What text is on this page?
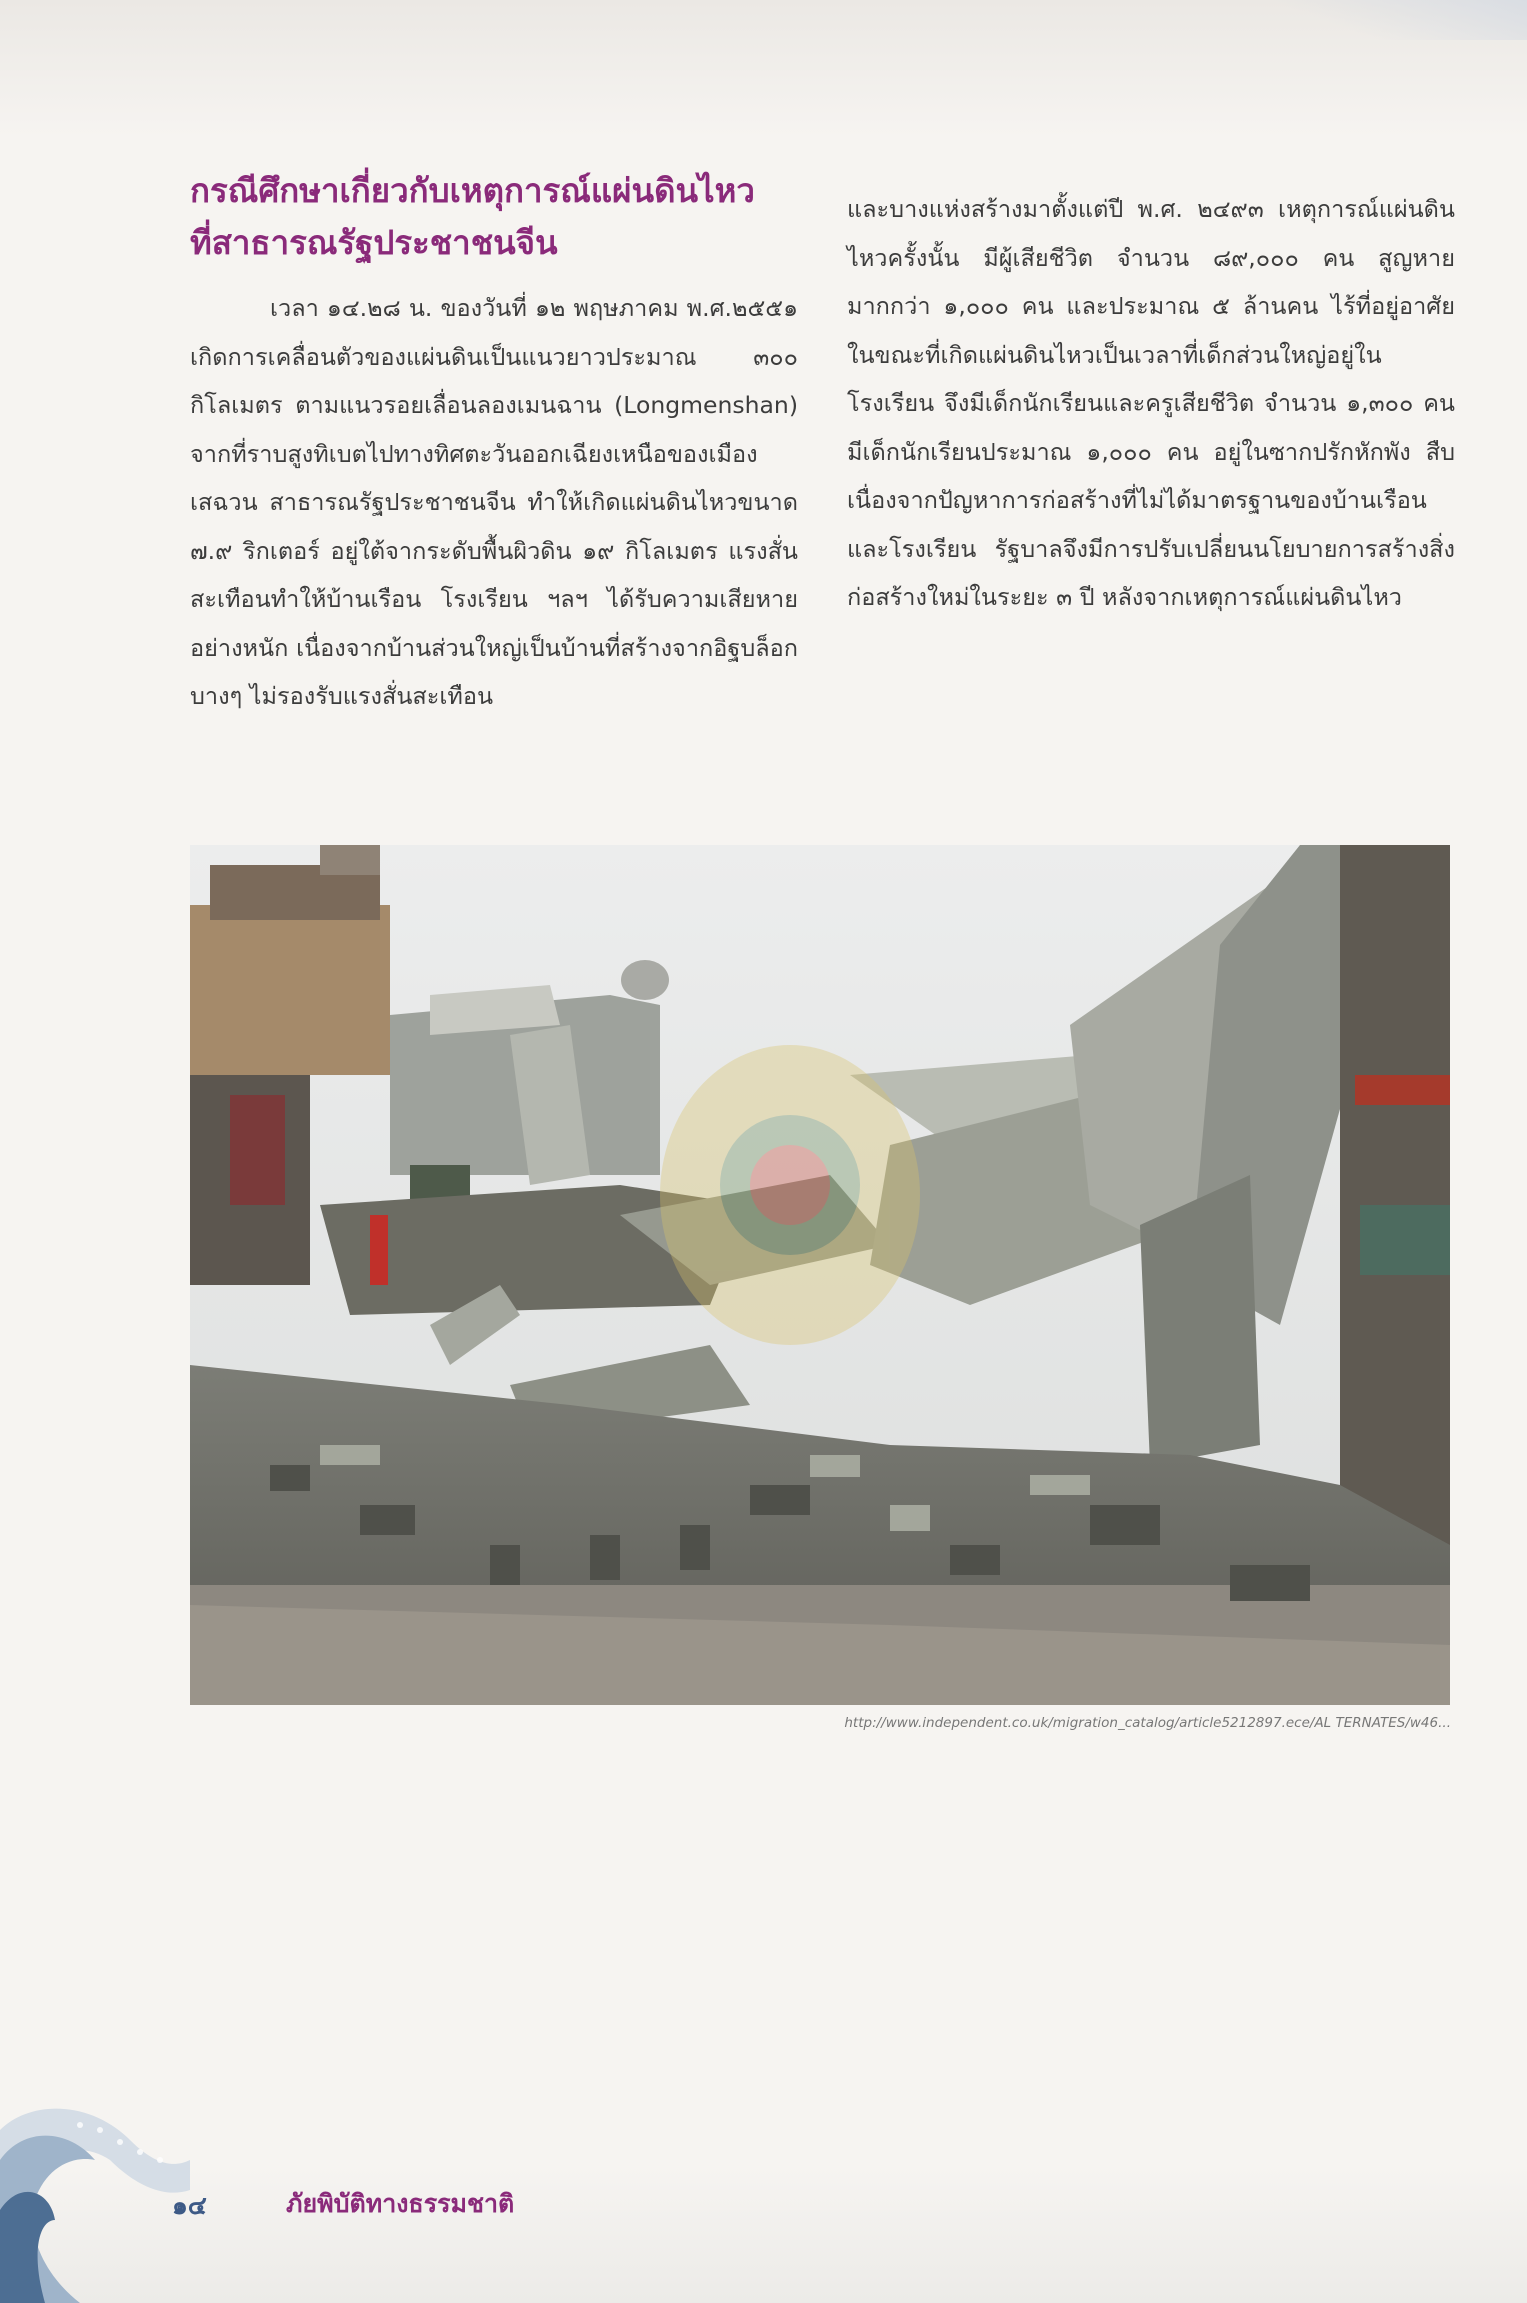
กรณีศึกษาเกี่ยวกับเหตุการณ์แผ่นดินไหว
ที่สาธารณรัฐประชาชนจีน

เวลา ๑๔.๒๘ น. ของวันที่ ๑๒ พฤษภาคม พ.ศ.๒๕๕๑ เกิดการเคลื่อนตัวของแผ่นดินเป็นแนวยาวประมาณ ๓๐๐ กิโลเมตร ตามแนวรอยเลื่อนลองเมนฉาน (Longmenshan) จากที่ราบสูงทิเบตไปทางทิศตะวันออกเฉียงเหนือของเมืองเสฉวน สาธารณรัฐประชาชนจีน ทำให้เกิดแผ่นดินไหวขนาด ๗.๙ ริกเตอร์ อยู่ใต้จากระดับพื้นผิวดิน ๑๙ กิโลเมตร แรงสั่นสะเทือนทำให้บ้านเรือน โรงเรียน ฯลฯ ได้รับความเสียหายอย่างหนัก เนื่องจากบ้านส่วนใหญ่เป็นบ้านที่สร้างจากอิฐบล็อกบางๆ ไม่รองรับแรงสั่นสะเทือน

และบางแห่งสร้างมาตั้งแต่ปี พ.ศ. ๒๔๙๓ เหตุการณ์แผ่นดินไหวครั้งนั้น มีผู้เสียชีวิต จำนวน ๘๙,๐๐๐ คน สูญหายมากกว่า ๑,๐๐๐ คน และประมาณ ๕ ล้านคน ไร้ที่อยู่อาศัย ในขณะที่เกิดแผ่นดินไหวเป็นเวลาที่เด็กส่วนใหญ่อยู่ในโรงเรียน จึงมีเด็กนักเรียนและครูเสียชีวิต จำนวน ๑,๓๐๐ คน มีเด็กนักเรียนประมาณ ๑,๐๐๐ คน อยู่ในซากปรักหักพัง สืบเนื่องจากปัญหาการก่อสร้างที่ไม่ได้มาตรฐานของบ้านเรือนและโรงเรียน รัฐบาลจึงมีการปรับเปลี่ยนนโยบายการสร้างสิ่งก่อสร้างใหม่ในระยะ ๓ ปี หลังจากเหตุการณ์แผ่นดินไหว

http://www.independent.co.uk/migration_catalog/article5212897.ece/AL TERNATES/w46...
๑๔	ภัยพิบัติทางธรรมชาติ
